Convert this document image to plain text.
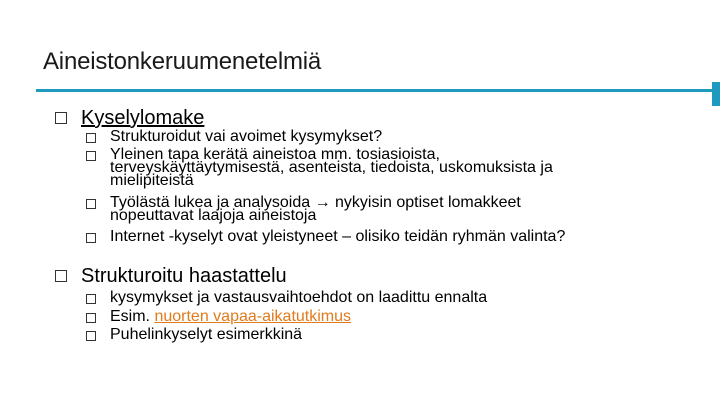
Aineistonkeruumenetelmiä
Kyselylomake
Strukturoidut vai avoimet kysymykset?
Yleinen tapa kerätä aineistoa mm. tosiasioista,
terveyskäyttäytymisestä, asenteista, tiedoista, uskomuksista ja
mielipiteistä
Työlästä lukea ja analysoida → nykyisin optiset lomakkeet
nopeuttavat laajoja aineistoja
Internet -kyselyt ovat yleistyneet – olisiko teidän ryhmän valinta?
Strukturoitu haastattelu
kysymykset ja vastausvaihtoehdot on laadittu ennalta
Esim. nuorten vapaa-aikatutkimus
Puhelinkyselyt esimerkkinä
